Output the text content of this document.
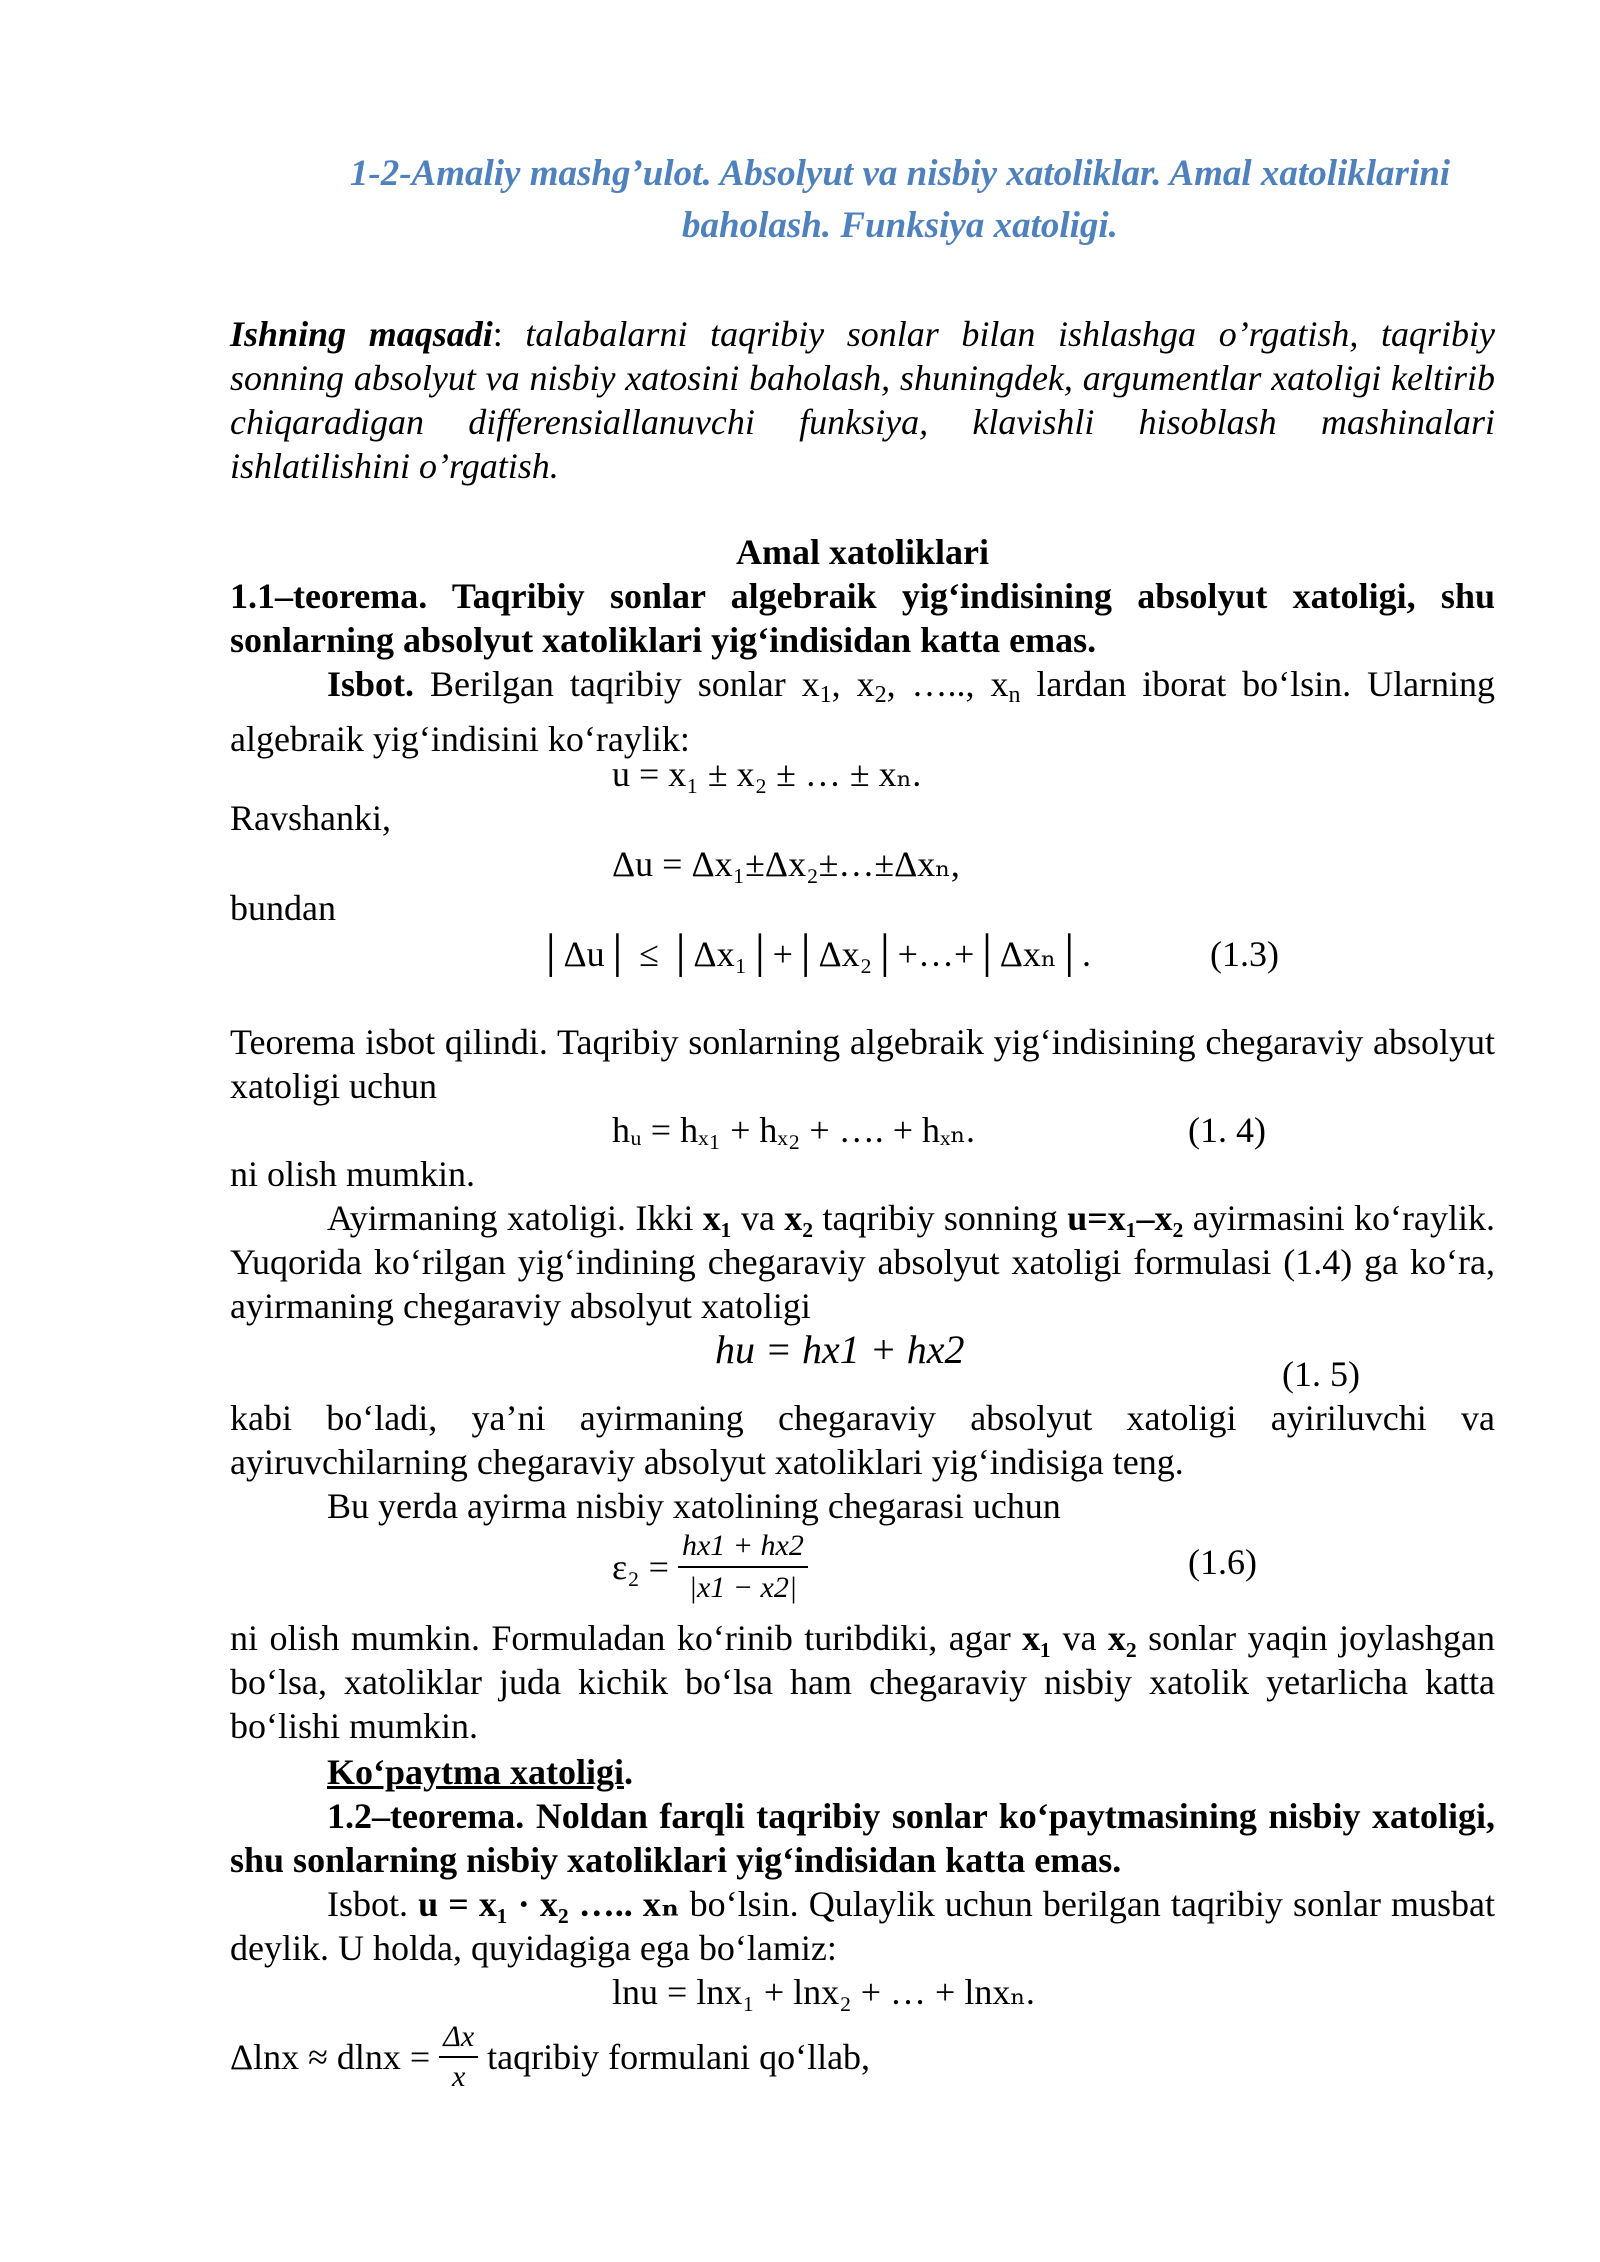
1-2-Amaliy mashg’ulot. Absolyut va nisbiy xatoliklar. Amal xatoliklarini
baholash. Funksiya xatoligi.
Ishning maqsadi: talabalarni taqribiy sonlar bilan ishlashga o’rgatish, taqribiy sonning absolyut va nisbiy xatosini baholash, shuningdek, argumentlar xatoligi keltirib chiqaradigan differensiallanuvchi funksiya, klavishli hisoblash mashinalari ishlatilishini o’rgatish.
Amal xatoliklari
1.1–teorema. Taqribiy sonlar algebraik yig‘indisining absolyut xatoligi, shu sonlarning absolyut xatoliklari yig‘indisidan katta emas.
Isbot. Berilgan taqribiy sonlar $x_1$, $x_2$, ….., $x_n$ lardan iborat bo‘lsin. Ularning algebraik yig‘indisini ko‘raylik:
u = x₁ ± x₂ ± … ± xₙ.
Ravshanki,
Δu = Δx₁±Δx₂±…±Δxₙ,
bundan
│Δu│ ≤ │Δx₁│+│Δx₂│+…+│Δxₙ│.	(1.3)
Teorema isbot qilindi. Taqribiy sonlarning algebraik yig‘indisining chegaraviy absolyut xatoligi uchun
hᵤ = hₓ₁ + hₓ₂ + …. + hₓₙ.	(1. 4)
ni olish mumkin.
Ayirmaning xatoligi. Ikki x₁ va x₂ taqribiy sonning u=x₁–x₂ ayirmasini ko‘raylik. Yuqorida ko‘rilgan yig‘indining chegaraviy absolyut xatoligi formulasi (1.4) ga ko‘ra, ayirmaning chegaraviy absolyut xatoligi
hu = hx1 + hx2
(1. 5)
kabi bo‘ladi, ya’ni ayirmaning chegaraviy absolyut xatoligi ayiriluvchi va ayiruvchilarning chegaraviy absolyut xatoliklari yig‘indisiga teng.
Bu yerda ayirma nisbiy xatolining chegarasi uchun
$\varepsilon_2 = \frac{hx1 + hx2}{|x1 - x2|}$	(1.6)
ni olish mumkin. Formuladan ko‘rinib turibdiki, agar x₁ va x₂ sonlar yaqin joylashgan bo‘lsa, xatoliklar juda kichik bo‘lsa ham chegaraviy nisbiy xatolik yetarlicha katta bo‘lishi mumkin.
Ko‘paytma xatoligi.
1.2–teorema. Noldan farqli taqribiy sonlar ko‘paytmasining nisbiy xatoligi, shu sonlarning nisbiy xatoliklari yig‘indisidan katta emas.
Isbot. u = x₁ · x₂ ….. xₙ bo‘lsin. Qulaylik uchun berilgan taqribiy sonlar musbat deylik. U holda, quyidagiga ega bo‘lamiz:
lnu = lnx₁ + lnx₂ + … + lnxₙ.
$\Delta\ln x \approx dlnx = \frac{\Delta x}{x}$ taqribiy formulani qo‘llab,
